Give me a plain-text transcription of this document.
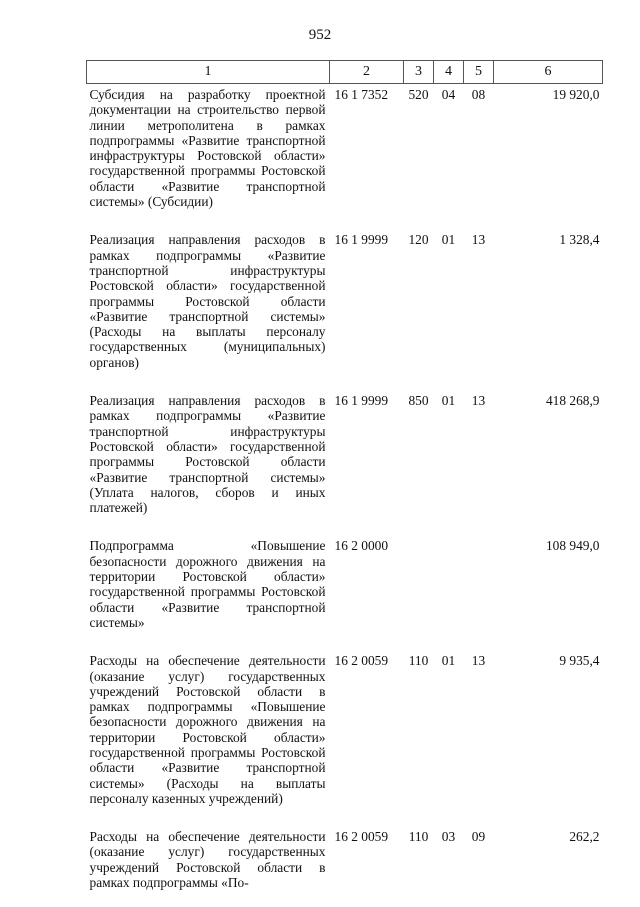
952
1	2	3	4	5	6
Субсидия на разработку проектной документации на строительство первой линии метрополитена в рамках подпрограммы «Развитие транспортной инфраструктуры Ростовской области» государственной программы Ростовской области «Развитие транспортной системы» (Субсидии)	16 1 7352	520	04	08	19 920,0
Реализация направления расходов в рамках подпрограммы «Развитие транспортной инфраструктуры Ростовской области» государственной программы Ростовской области «Развитие транспортной системы» (Расходы на выплаты персоналу государственных (муниципальных) органов)	16 1 9999	120	01	13	1 328,4
Реализация направления расходов в рамках подпрограммы «Развитие транспортной инфраструктуры Ростовской области» государственной программы Ростовской области «Развитие транспортной системы» (Уплата налогов, сборов и иных платежей)	16 1 9999	850	01	13	418 268,9
Подпрограмма «Повышение безопасности дорожного движения на территории Ростовской области» государственной программы Ростовской области «Развитие транспортной системы»	16 2 0000				108 949,0
Расходы на обеспечение деятельности (оказание услуг) государственных учреждений Ростовской области в рамках подпрограммы «Повышение безопасности дорожного движения на территории Ростовской области» государственной программы Ростовской области «Развитие транспортной системы» (Расходы на выплаты персоналу казенных учреждений)	16 2 0059	110	01	13	9 935,4
Расходы на обеспечение деятельности (оказание услуг) государственных учреждений Ростовской области в рамках подпрограммы «По-	16 2 0059	110	03	09	262,2
